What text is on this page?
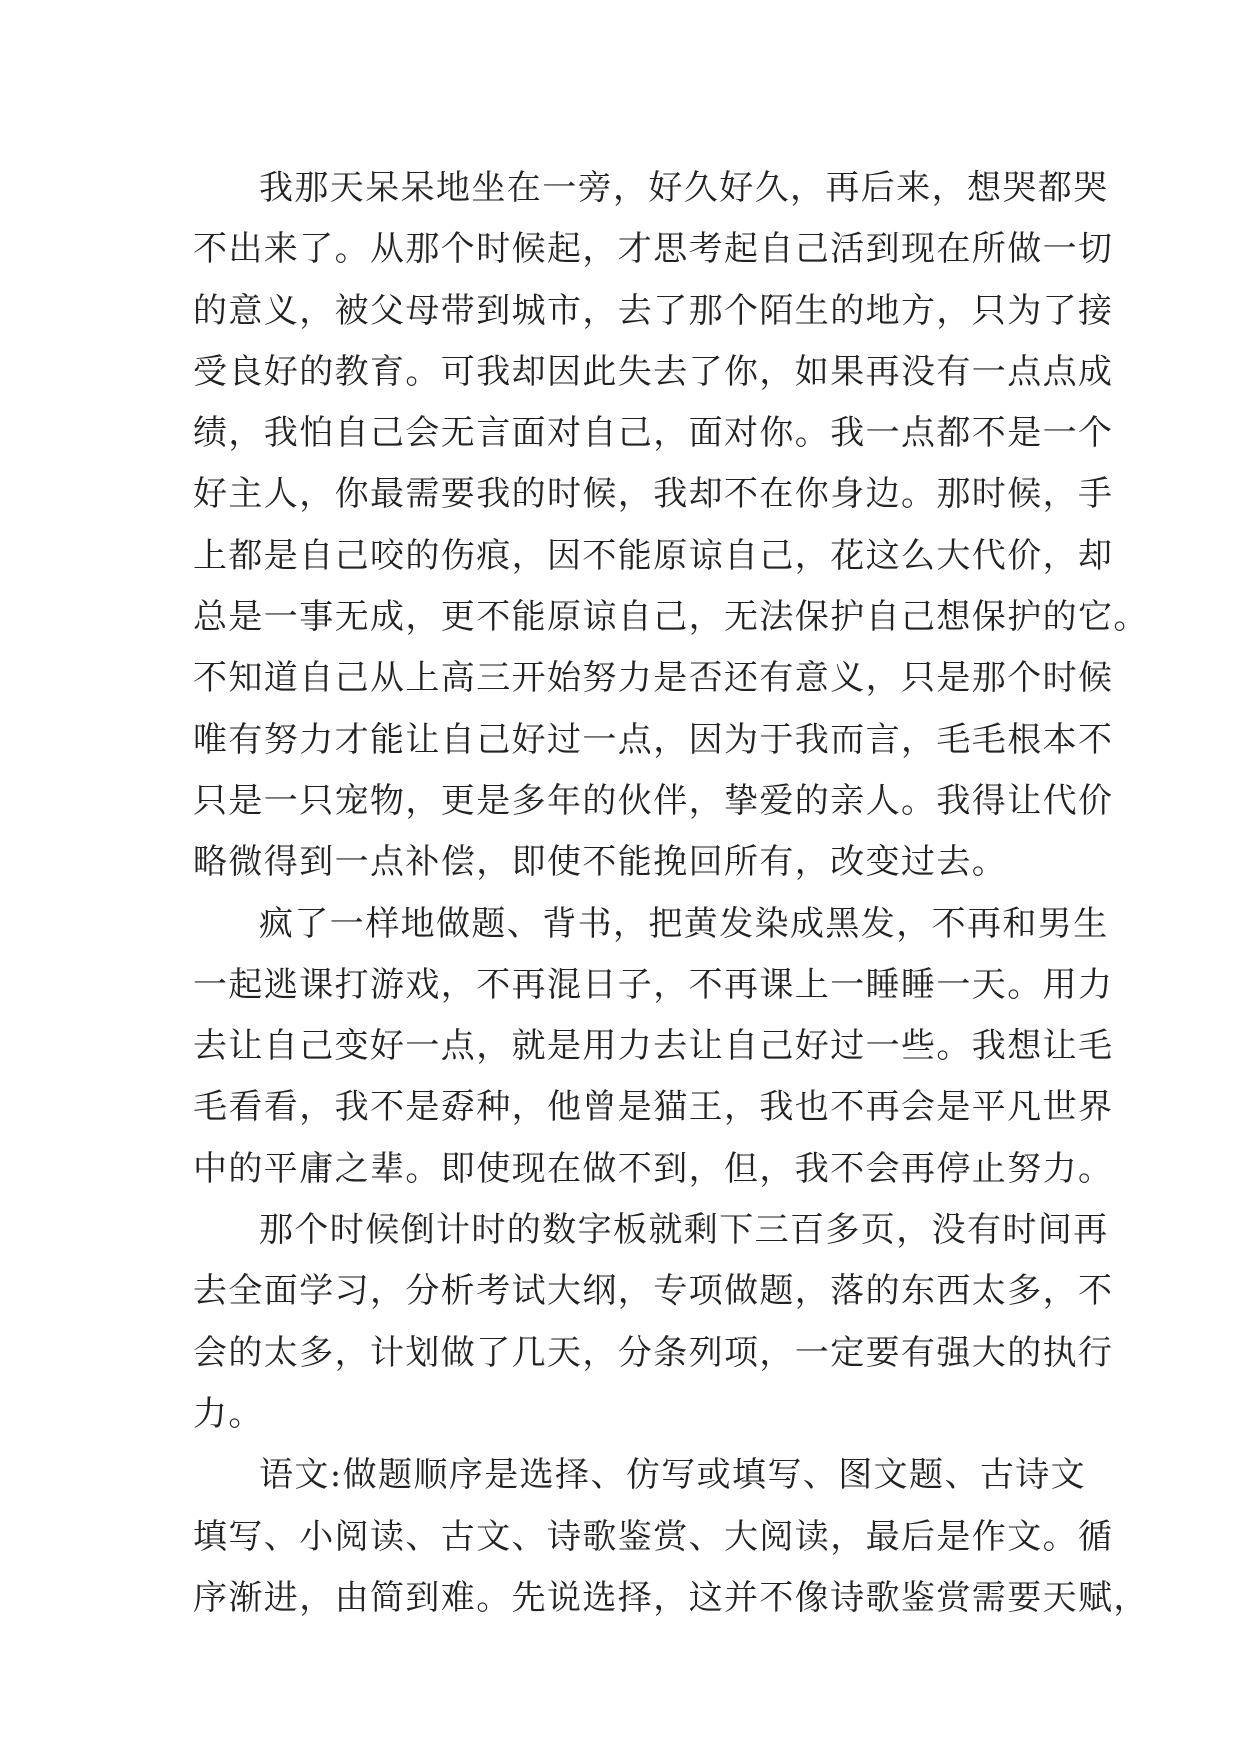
我那天呆呆地坐在一旁，好久好久，再后来，想哭都哭
不出来了。从那个时候起，才思考起自己活到现在所做一切
的意义，被父母带到城市，去了那个陌生的地方，只为了接
受良好的教育。可我却因此失去了你，如果再没有一点点成
绩，我怕自己会无言面对自己，面对你。我一点都不是一个
好主人，你最需要我的时候，我却不在你身边。那时候，手
上都是自己咬的伤痕，因不能原谅自己，花这么大代价，却
总是一事无成，更不能原谅自己，无法保护自己想保护的它。
不知道自己从上高三开始努力是否还有意义，只是那个时候
唯有努力才能让自己好过一点，因为于我而言，毛毛根本不
只是一只宠物，更是多年的伙伴，挚爱的亲人。我得让代价
略微得到一点补偿，即使不能挽回所有，改变过去。
疯了一样地做题、背书，把黄发染成黑发，不再和男生
一起逃课打游戏，不再混日子，不再课上一睡睡一天。用力
去让自己变好一点，就是用力去让自己好过一些。我想让毛
毛看看，我不是孬种，他曾是猫王，我也不再会是平凡世界
中的平庸之辈。即使现在做不到，但，我不会再停止努力。
那个时候倒计时的数字板就剩下三百多页，没有时间再
去全面学习，分析考试大纲，专项做题，落的东西太多，不
会的太多，计划做了几天，分条列项，一定要有强大的执行
力。
语文:做题顺序是选择、仿写或填写、图文题、古诗文
填写、小阅读、古文、诗歌鉴赏、大阅读，最后是作文。循
序渐进，由简到难。先说选择，这并不像诗歌鉴赏需要天赋，
